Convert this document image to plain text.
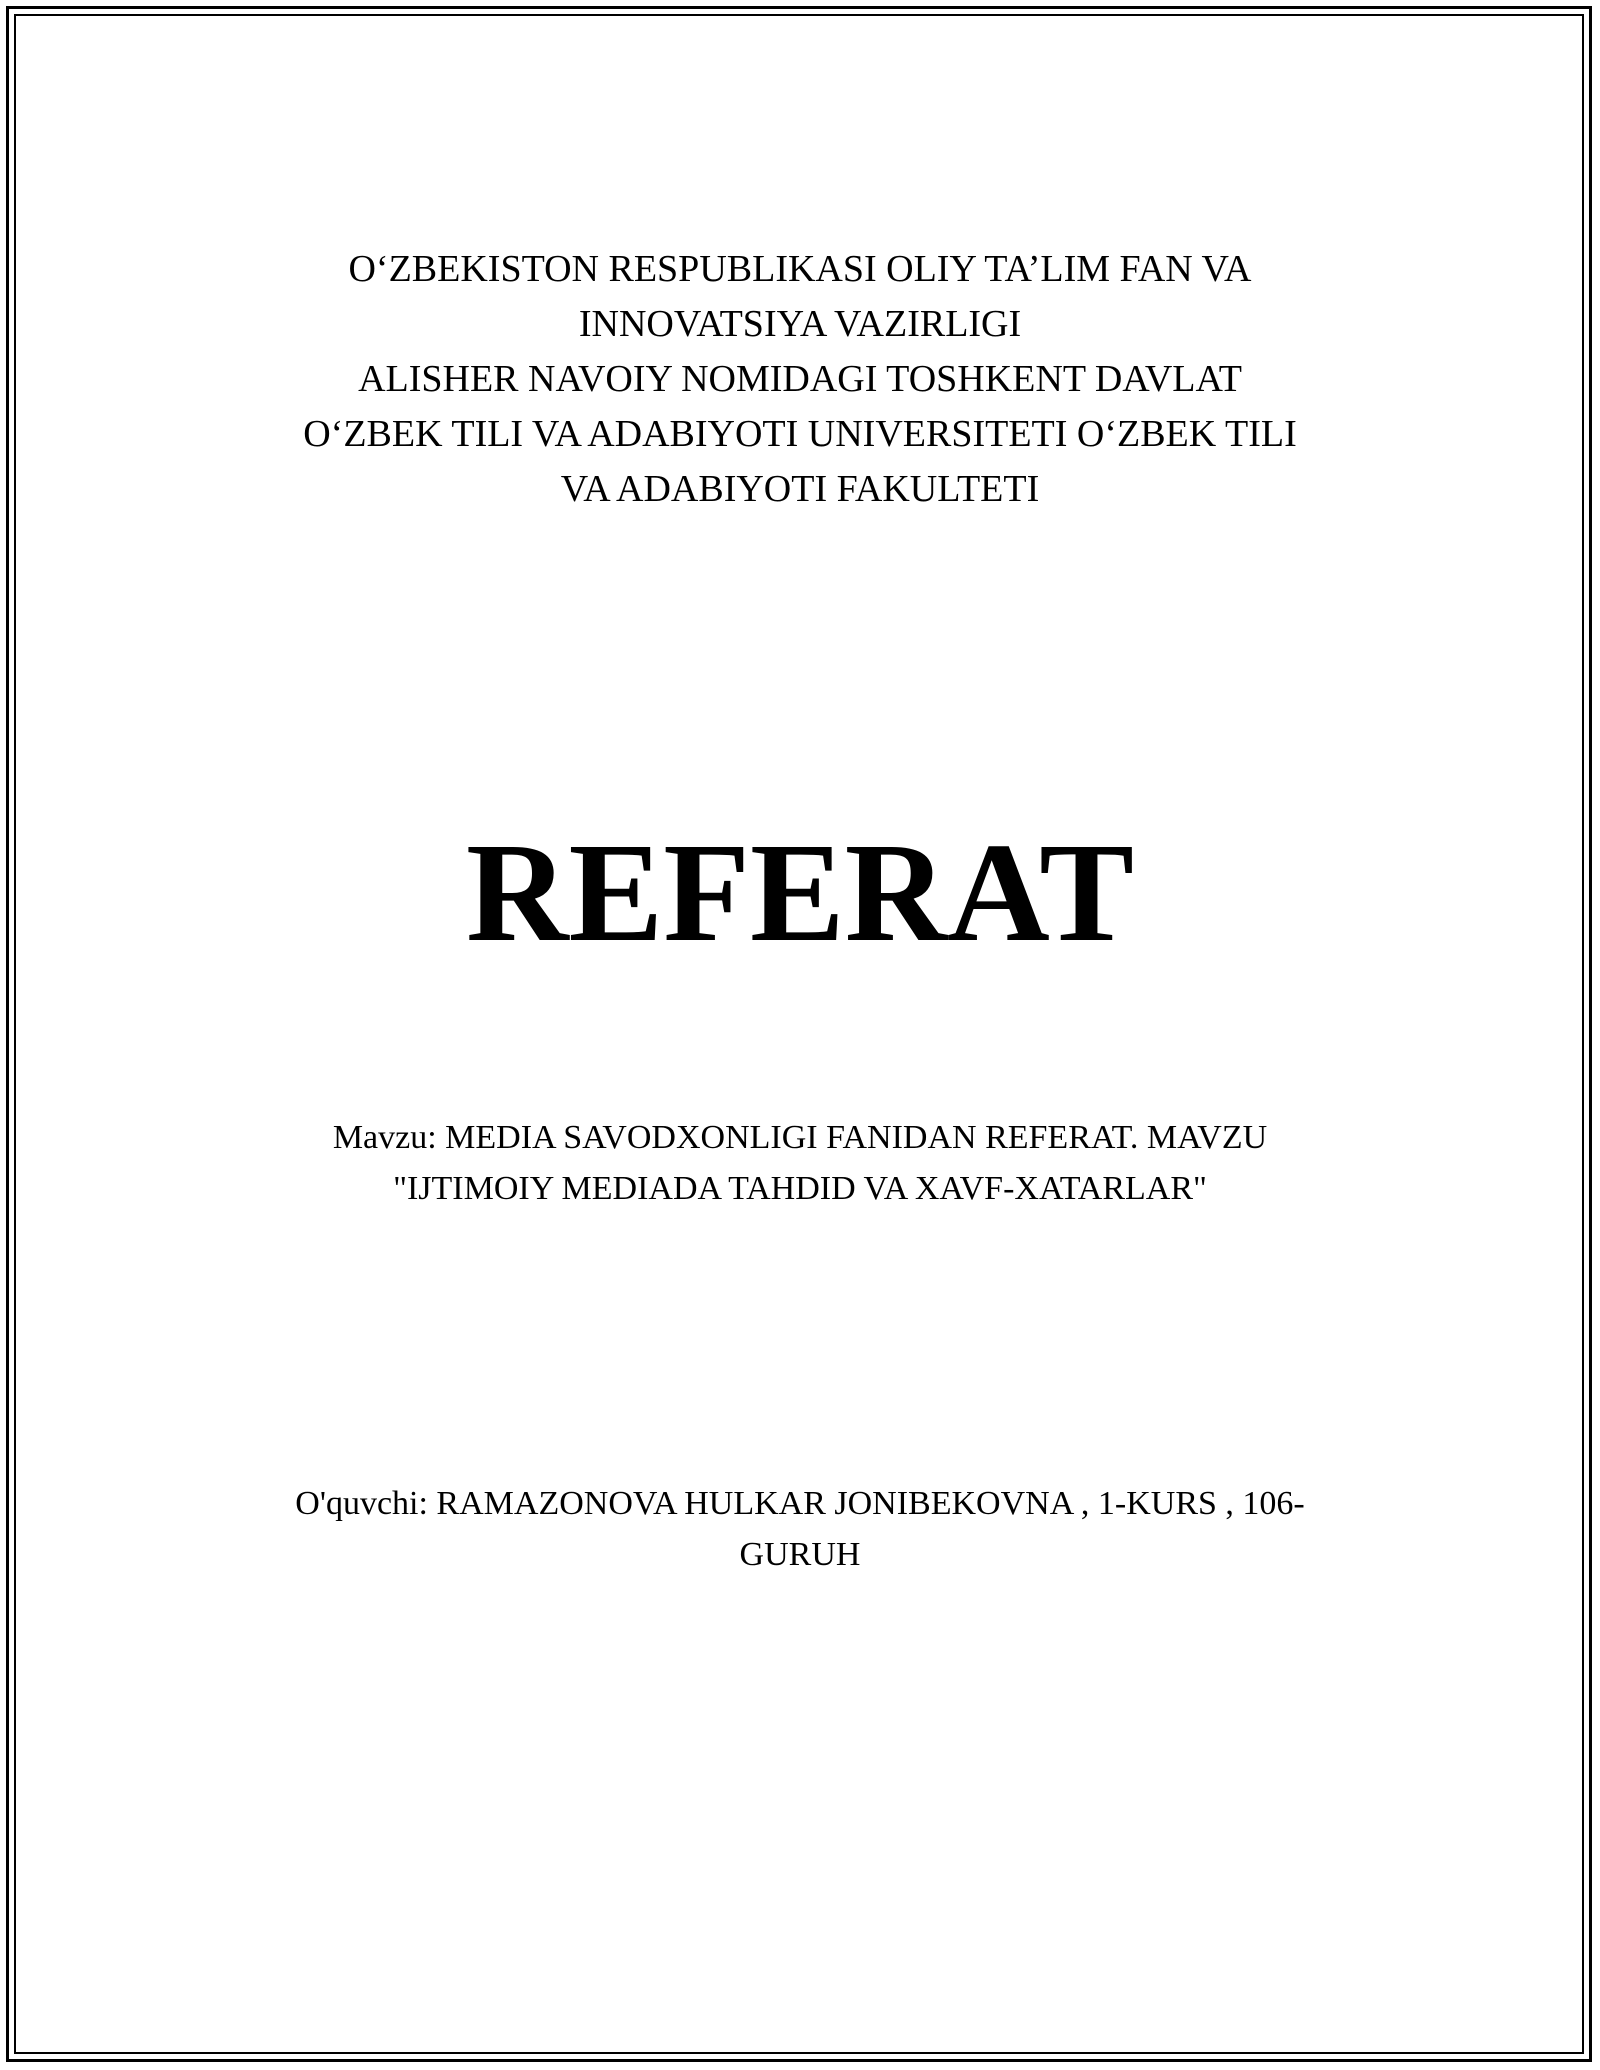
O‘ZBEKISTON RESPUBLIKASI OLIY TA’LIM FAN VA
INNOVATSIYA VAZIRLIGI
ALISHER NAVOIY NOMIDAGI TOSHKENT DAVLAT
O‘ZBEK TILI VA ADABIYOTI UNIVERSITETI O‘ZBEK TILI
VA ADABIYOTI FAKULTETI
REFERAT
Mavzu: MEDIA SAVODXONLIGI FANIDAN REFERAT. MAVZU
"IJTIMOIY MEDIADA TAHDID VA XAVF-XATARLAR"
O'quvchi: RAMAZONOVA HULKAR JONIBEKOVNA , 1-KURS , 106-
GURUH
